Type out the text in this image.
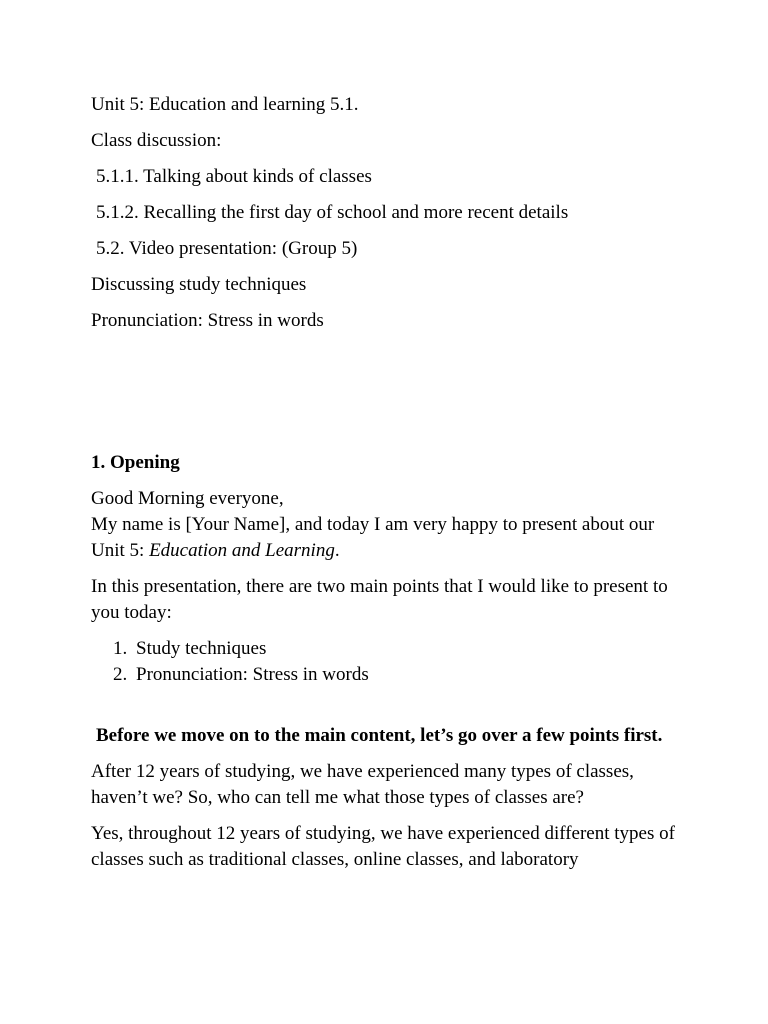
Unit 5: Education and learning 5.1.

Class discussion:

5.1.1. Talking about kinds of classes

5.1.2. Recalling the first day of school and more recent details

5.2. Video presentation: (Group 5)

Discussing study techniques

Pronunciation: Stress in words

1. Opening

Good Morning everyone,
My name is [Your Name], and today I am very happy to present about our Unit 5: Education and Learning.

In this presentation, there are two main points that I would like to present to you today:

1. Study techniques
2. Pronunciation: Stress in words

Before we move on to the main content, let’s go over a few points first.

After 12 years of studying, we have experienced many types of classes, haven’t we? So, who can tell me what those types of classes are?

Yes, throughout 12 years of studying, we have experienced different types of classes such as traditional classes, online classes, and laboratory
